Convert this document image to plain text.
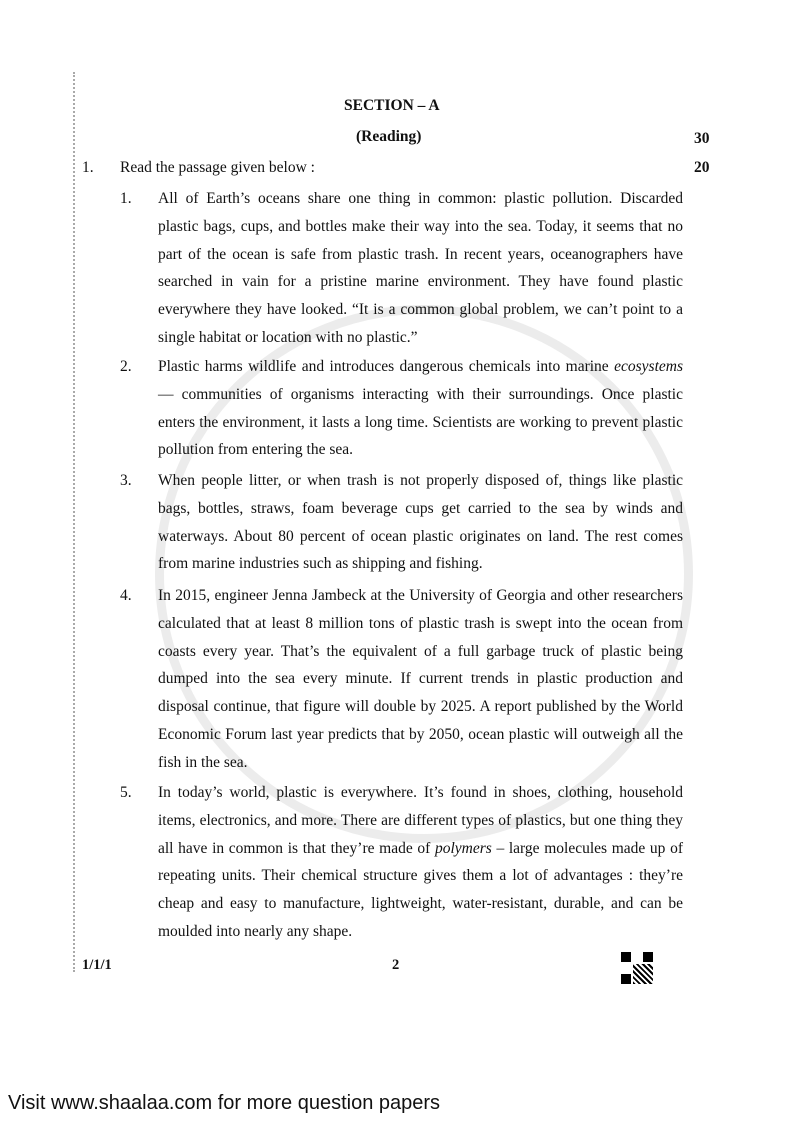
SECTION – A
(Reading)	30
1. Read the passage given below :	20
1. All of Earth’s oceans share one thing in common: plastic pollution. Discarded plastic bags, cups, and bottles make their way into the sea. Today, it seems that no part of the ocean is safe from plastic trash. In recent years, oceanographers have searched in vain for a pristine marine environment. They have found plastic everywhere they have looked. “It is a common global problem, we can’t point to a single habitat or location with no plastic.”
2. Plastic harms wildlife and introduces dangerous chemicals into marine ecosystems — communities of organisms interacting with their surroundings. Once plastic enters the environment, it lasts a long time. Scientists are working to prevent plastic pollution from entering the sea.
3. When people litter, or when trash is not properly disposed of, things like plastic bags, bottles, straws, foam beverage cups get carried to the sea by winds and waterways. About 80 percent of ocean plastic originates on land. The rest comes from marine industries such as shipping and fishing.
4. In 2015, engineer Jenna Jambeck at the University of Georgia and other researchers calculated that at least 8 million tons of plastic trash is swept into the ocean from coasts every year. That’s the equivalent of a full garbage truck of plastic being dumped into the sea every minute. If current trends in plastic production and disposal continue, that figure will double by 2025. A report published by the World Economic Forum last year predicts that by 2050, ocean plastic will outweigh all the fish in the sea.
5. In today’s world, plastic is everywhere. It’s found in shoes, clothing, household items, electronics, and more. There are different types of plastics, but one thing they all have in common is that they’re made of polymers – large molecules made up of repeating units. Their chemical structure gives them a lot of advantages : they’re cheap and easy to manufacture, lightweight, water-resistant, durable, and can be moulded into nearly any shape.
1/1/1	2
Visit www.shaalaa.com for more question papers
